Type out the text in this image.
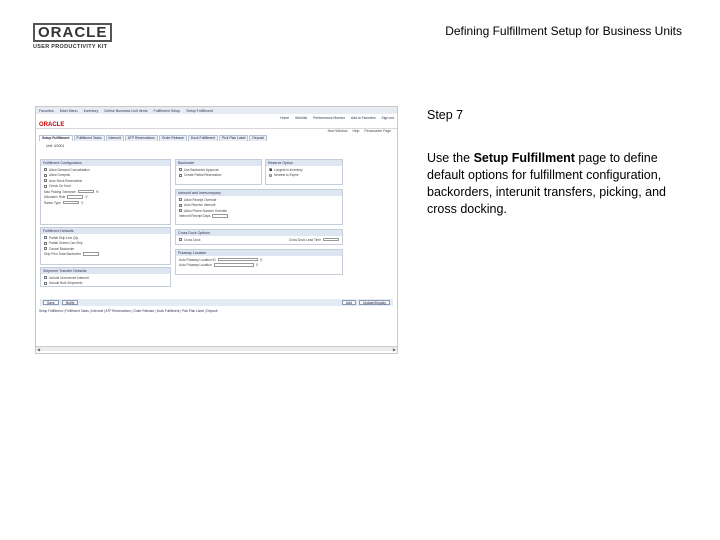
ORACLE
USER PRODUCTIVITY KIT
Defining Fulfillment Setup for Business Units
Favorites Main Menu Inventory Define Business Unit Items Fulfillment Setup Setup Fulfillment
ORACLE
Home Worklist Performance Monitor Add to Favorites Sign out
New Window Help Personalize Page
Setup Fulfillment	Fulfillment Tasks	Interunit	ATP Reservations	Order Release	Dock Fulfillment	Pick Plan Label	Deposit
Unit: US001
Fulfillment Configuration
Allow Demand Consolidation
Allow Overpick
Auto Stock Reservation
Check On Hold
Max Picking Tolerance	%
Allocation Rule	⚲
Ration Type	⚲
Fulfillment Defaults
Partial Ship Line Qty
Partial Orders Can Ship
Cancel Backorder
Ship Prior Date Backorder
Shipment Transfer Defaults
Include Unreceived Interunit
Include Bulk Shipments
Backorder
Use Backorder Approval
Create Partial Reservation
Reserve Option
Longest in Inventory
Nearest to Expire
Interunit and Intercompany
Allow Receipt Override
Auto Receive Interunit
Allow Phone Number Override
Interunit Receipt Days
Cross Dock Options
Cross Dock	Cross Dock Lead Time
Putaway Location
Auto Putaway Location ID	⚲
Auto Putaway Location	⚲
Save	Notify	Add	Update/Display
Setup Fulfillment | Fulfillment Tasks | Interunit | ATP Reservations | Order Release | Dock Fulfillment | Pick Plan Label | Deposit
◀	▶
Step 7
Use the Setup Fulfillment page to define default options for fulfillment configuration, backorders, interunit transfers, picking, and cross docking.
